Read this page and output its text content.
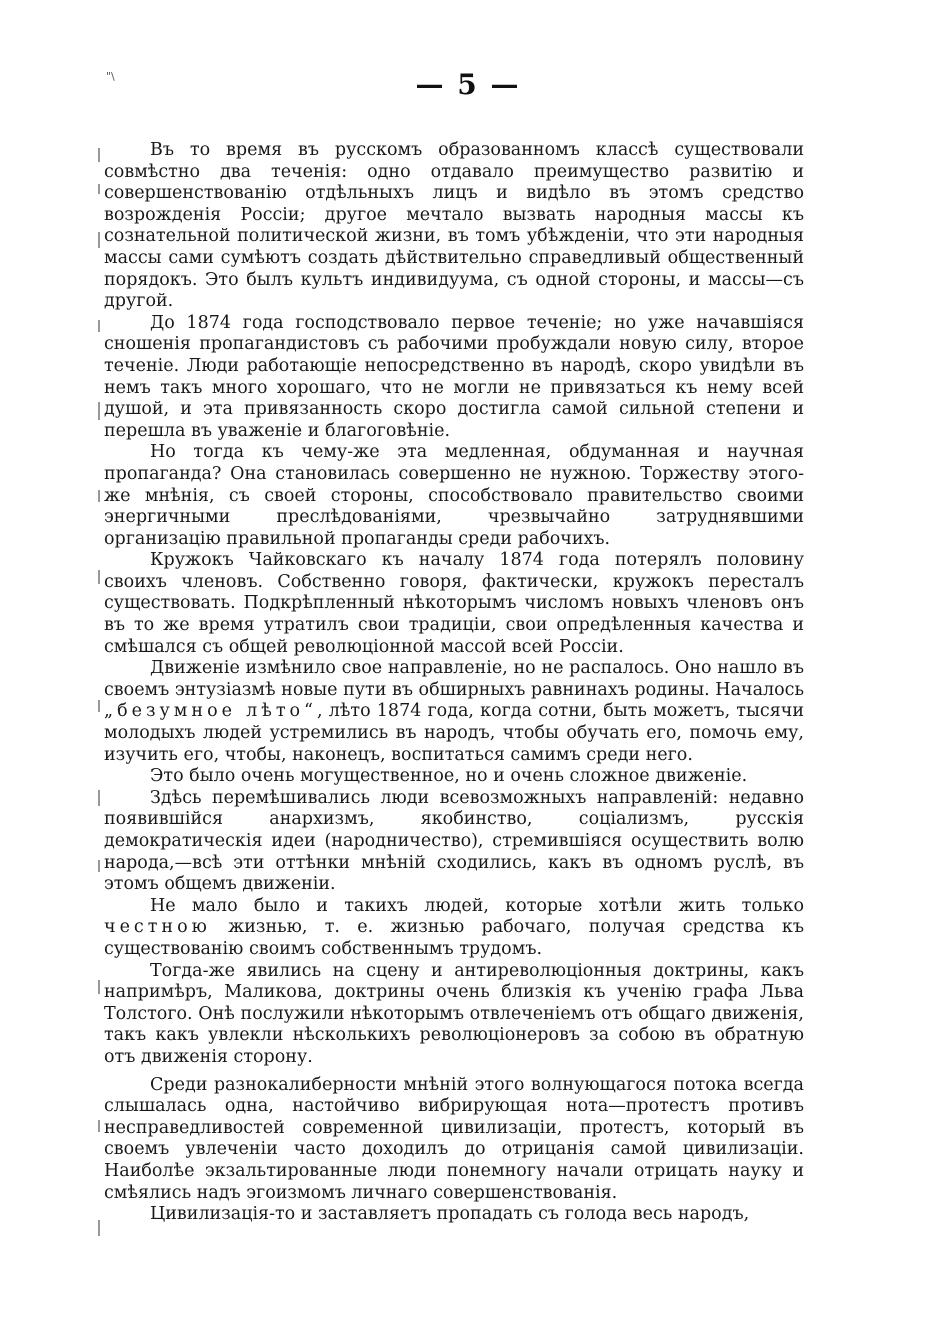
"\	— 5 —

Въ то время въ русскомъ образованномъ классѣ существовали совмѣстно два теченія: одно отдавало преимущество развитію и совершенствованію отдѣльныхъ лицъ и видѣло въ этомъ средство возрожденія Россіи; другое мечтало вызвать народныя массы къ сознательной политической жизни, въ томъ убѣжденіи, что эти народныя массы сами сумѣютъ создать дѣйствительно справедливый общественный порядокъ. Это былъ культъ индивидуума, съ одной стороны, и массы—съ другой.

До 1874 года господствовало первое теченіе; но уже начавшіяся сношенія пропагандистовъ съ рабочими пробуждали новую силу, второе теченіе. Люди работающіе непосредственно въ народѣ, скоро увидѣли въ немъ такъ много хорошаго, что не могли не привязаться къ нему всей душой, и эта привязанность скоро достигла самой сильной степени и перешла въ уваженіе и благоговѣніе.

Но тогда къ чему-же эта медленная, обдуманная и научная пропаганда? Она становилась совершенно не нужною. Торжеству этого-же мнѣнія, съ своей стороны, способствовало правительство своими энергичными преслѣдованіями, чрезвычайно затруднявшими организацію правильной пропаганды среди рабочихъ.

Кружокъ Чайковскаго къ началу 1874 года потерялъ половину своихъ членовъ. Собственно говоря, фактически, кружокъ пересталъ существовать. Подкрѣпленный нѣкоторымъ числомъ новыхъ членовъ онъ въ то же время утратилъ свои традиціи, свои опредѣленныя качества и смѣшался съ общей революціонной массой всей Россіи.

Движеніе измѣнило свое направленіе, но не распалось. Оно нашло въ своемъ энтузіазмѣ новые пути въ обширныхъ равнинахъ родины. Началось „безумное лѣто“, лѣто 1874 года, когда сотни, быть можетъ, тысячи молодыхъ людей устремились въ народъ, чтобы обучать его, помочь ему, изучить его, чтобы, наконецъ, воспитаться самимъ среди него.

Это было очень могущественное, но и очень сложное движеніе.

Здѣсь перемѣшивались люди всевозможныхъ направленій: недавно появившійся анархизмъ, якобинство, соціализмъ, русскія демократическія идеи (народничество), стремившіяся осуществить волю народа,—всѣ эти оттѣнки мнѣній сходились, какъ въ одномъ руслѣ, въ этомъ общемъ движеніи.

Не мало было и такихъ людей, которые хотѣли жить только честною жизнью, т. е. жизнью рабочаго, получая средства къ существованію своимъ собственнымъ трудомъ.

Тогда-же явились на сцену и антиреволюціонныя доктрины, какъ напримѣръ, Маликова, доктрины очень близкія къ ученію графа Льва Толстого. Онѣ послужили нѣкоторымъ отвлеченіемъ отъ общаго движенія, такъ какъ увлекли нѣсколькихъ революціонеровъ за собою въ обратную отъ движенія сторону.

Среди разнокалиберности мнѣній этого волнующагося потока всегда слышалась одна, настойчиво вибрирующая нота—протестъ противъ несправедливостей современной цивилизаціи, протестъ, который въ своемъ увлеченіи часто доходилъ до отрицанія самой цивилизаціи. Наиболѣе экзальтированные люди понемногу начали отрицать науку и смѣялись надъ эгоизмомъ личнаго совершенствованія.

Цивилизація-то и заставляетъ пропадать съ голода весь народъ,
